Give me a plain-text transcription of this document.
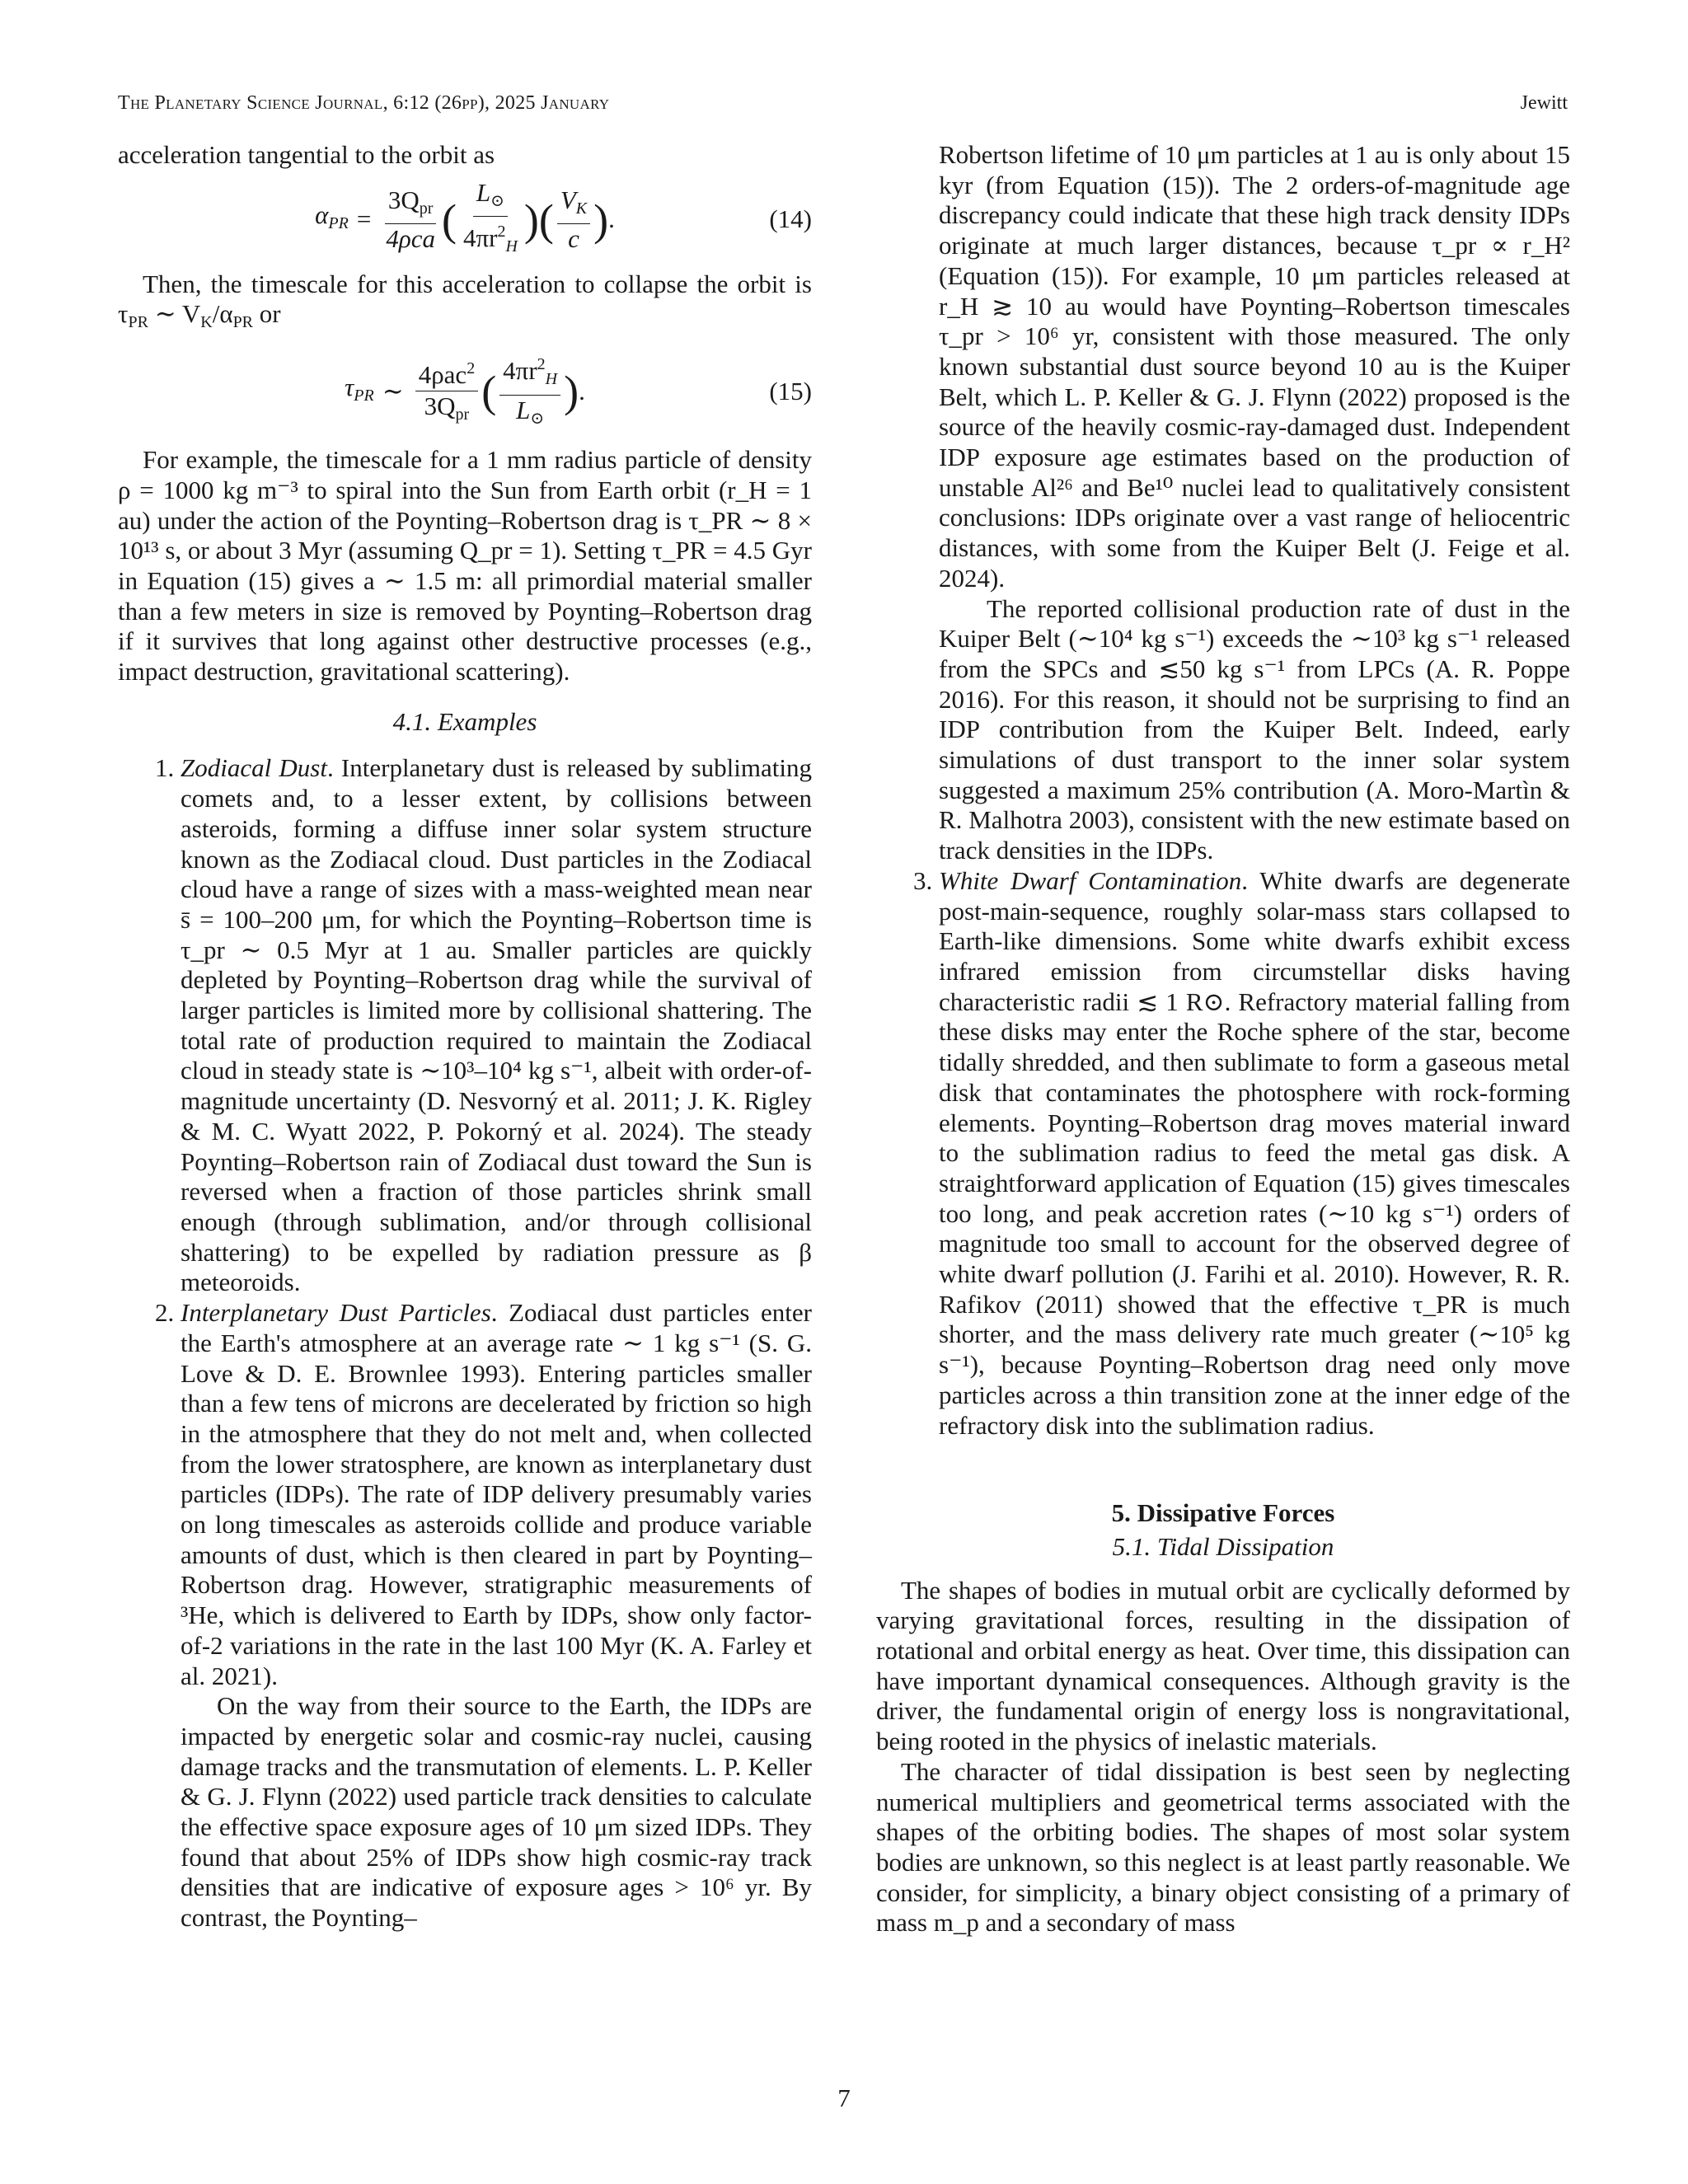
The Planetary Science Journal, 6:12 (26pp), 2025 January	Jewitt

acceleration tangential to the orbit as

$\alpha_{PR} = \frac{3Q_{pr}}{\text{4ρca}}$ ( $\frac{L_⊙}{4\pi r^2_H}$ )( $\frac{V_K}{c}$ ) .	(14)

Then, the timescale for this acceleration to collapse the orbit is $\tau_{PR}$ ∼ $V_K/\alpha_{PR}$ or

$\tau_{PR}$ ∼ $\frac{4\rho ac^2}{3Q_{pr}}$ ( $\frac{4\pi r^2_H}{L_⊙}$ ) .	(15)

For example, the timescale for a 1 mm radius particle of density ρ = 1000 kg m⁻³ to spiral into the Sun from Earth orbit (r_H = 1 au) under the action of the Poynting–Robertson drag is τ_PR ∼ 8 × 10¹³ s, or about 3 Myr (assuming Q_pr = 1). Setting τ_PR = 4.5 Gyr in Equation (15) gives a ∼ 1.5 m: all primordial material smaller than a few meters in size is removed by Poynting–Robertson drag if it survives that long against other destructive processes (e.g., impact destruction, gravitational scattering).

4.1. Examples
1. Zodiacal Dust. Interplanetary dust is released by sublimating comets and, to a lesser extent, by collisions between asteroids, forming a diffuse inner solar system structure known as the Zodiacal cloud. Dust particles in the Zodiacal cloud have a range of sizes with a mass-weighted mean near s̄ = 100–200 μm, for which the Poynting–Robertson time is τ_pr ∼ 0.5 Myr at 1 au. Smaller particles are quickly depleted by Poynting–Robertson drag while the survival of larger particles is limited more by collisional shattering. The total rate of production required to maintain the Zodiacal cloud in steady state is ∼10³–10⁴ kg s⁻¹, albeit with order-of-magnitude uncertainty (D. Nesvorný et al. 2011; J. K. Rigley & M. C. Wyatt 2022, P. Pokorný et al. 2024). The steady Poynting–Robertson rain of Zodiacal dust toward the Sun is reversed when a fraction of those particles shrink small enough (through sublimation, and/or through collisional shattering) to be expelled by radiation pressure as β meteoroids.
2. Interplanetary Dust Particles. Zodiacal dust particles enter the Earth's atmosphere at an average rate ∼ 1 kg s⁻¹ (S. G. Love & D. E. Brownlee 1993). Entering particles smaller than a few tens of microns are decelerated by friction so high in the atmosphere that they do not melt and, when collected from the lower stratosphere, are known as interplanetary dust particles (IDPs). The rate of IDP delivery presumably varies on long timescales as asteroids collide and produce variable amounts of dust, which is then cleared in part by Poynting–Robertson drag. However, stratigraphic measurements of ³He, which is delivered to Earth by IDPs, show only factor-of-2 variations in the rate in the last 100 Myr (K. A. Farley et al. 2021).

On the way from their source to the Earth, the IDPs are impacted by energetic solar and cosmic-ray nuclei, causing damage tracks and the transmutation of elements. L. P. Keller & G. J. Flynn (2022) used particle track densities to calculate the effective space exposure ages of 10 μm sized IDPs. They found that about 25% of IDPs show high cosmic-ray track densities that are indicative of exposure ages > 10⁶ yr. By contrast, the Poynting–

Robertson lifetime of 10 μm particles at 1 au is only about 15 kyr (from Equation (15)). The 2 orders-of-magnitude age discrepancy could indicate that these high track density IDPs originate at much larger distances, because τ_pr ∝ r_H² (Equation (15)). For example, 10 μm particles released at r_H ≳ 10 au would have Poynting–Robertson timescales τ_pr > 10⁶ yr, consistent with those measured. The only known substantial dust source beyond 10 au is the Kuiper Belt, which L. P. Keller & G. J. Flynn (2022) proposed is the source of the heavily cosmic-ray-damaged dust. Independent IDP exposure age estimates based on the production of unstable Al²⁶ and Be¹⁰ nuclei lead to qualitatively consistent conclusions: IDPs originate over a vast range of heliocentric distances, with some from the Kuiper Belt (J. Feige et al. 2024).

The reported collisional production rate of dust in the Kuiper Belt (∼10⁴ kg s⁻¹) exceeds the ∼10³ kg s⁻¹ released from the SPCs and ≲50 kg s⁻¹ from LPCs (A. R. Poppe 2016). For this reason, it should not be surprising to find an IDP contribution from the Kuiper Belt. Indeed, early simulations of dust transport to the inner solar system suggested a maximum 25% contribution (A. Moro-Martìn & R. Malhotra 2003), consistent with the new estimate based on track densities in the IDPs.

3. White Dwarf Contamination. White dwarfs are degenerate post-main-sequence, roughly solar-mass stars collapsed to Earth-like dimensions. Some white dwarfs exhibit excess infrared emission from circumstellar disks having characteristic radii ≲ 1 R⊙. Refractory material falling from these disks may enter the Roche sphere of the star, become tidally shredded, and then sublimate to form a gaseous metal disk that contaminates the photosphere with rock-forming elements. Poynting–Robertson drag moves material inward to the sublimation radius to feed the metal gas disk. A straightforward application of Equation (15) gives timescales too long, and peak accretion rates (∼10 kg s⁻¹) orders of magnitude too small to account for the observed degree of white dwarf pollution (J. Farihi et al. 2010). However, R. R. Rafikov (2011) showed that the effective τ_PR is much shorter, and the mass delivery rate much greater (∼10⁵ kg s⁻¹), because Poynting–Robertson drag need only move particles across a thin transition zone at the inner edge of the refractory disk into the sublimation radius.
5. Dissipative Forces
5.1. Tidal Dissipation

The shapes of bodies in mutual orbit are cyclically deformed by varying gravitational forces, resulting in the dissipation of rotational and orbital energy as heat. Over time, this dissipation can have important dynamical consequences. Although gravity is the driver, the fundamental origin of energy loss is nongravitational, being rooted in the physics of inelastic materials.

The character of tidal dissipation is best seen by neglecting numerical multipliers and geometrical terms associated with the shapes of the orbiting bodies. The shapes of most solar system bodies are unknown, so this neglect is at least partly reasonable. We consider, for simplicity, a binary object consisting of a primary of mass m_p and a secondary of mass

7
